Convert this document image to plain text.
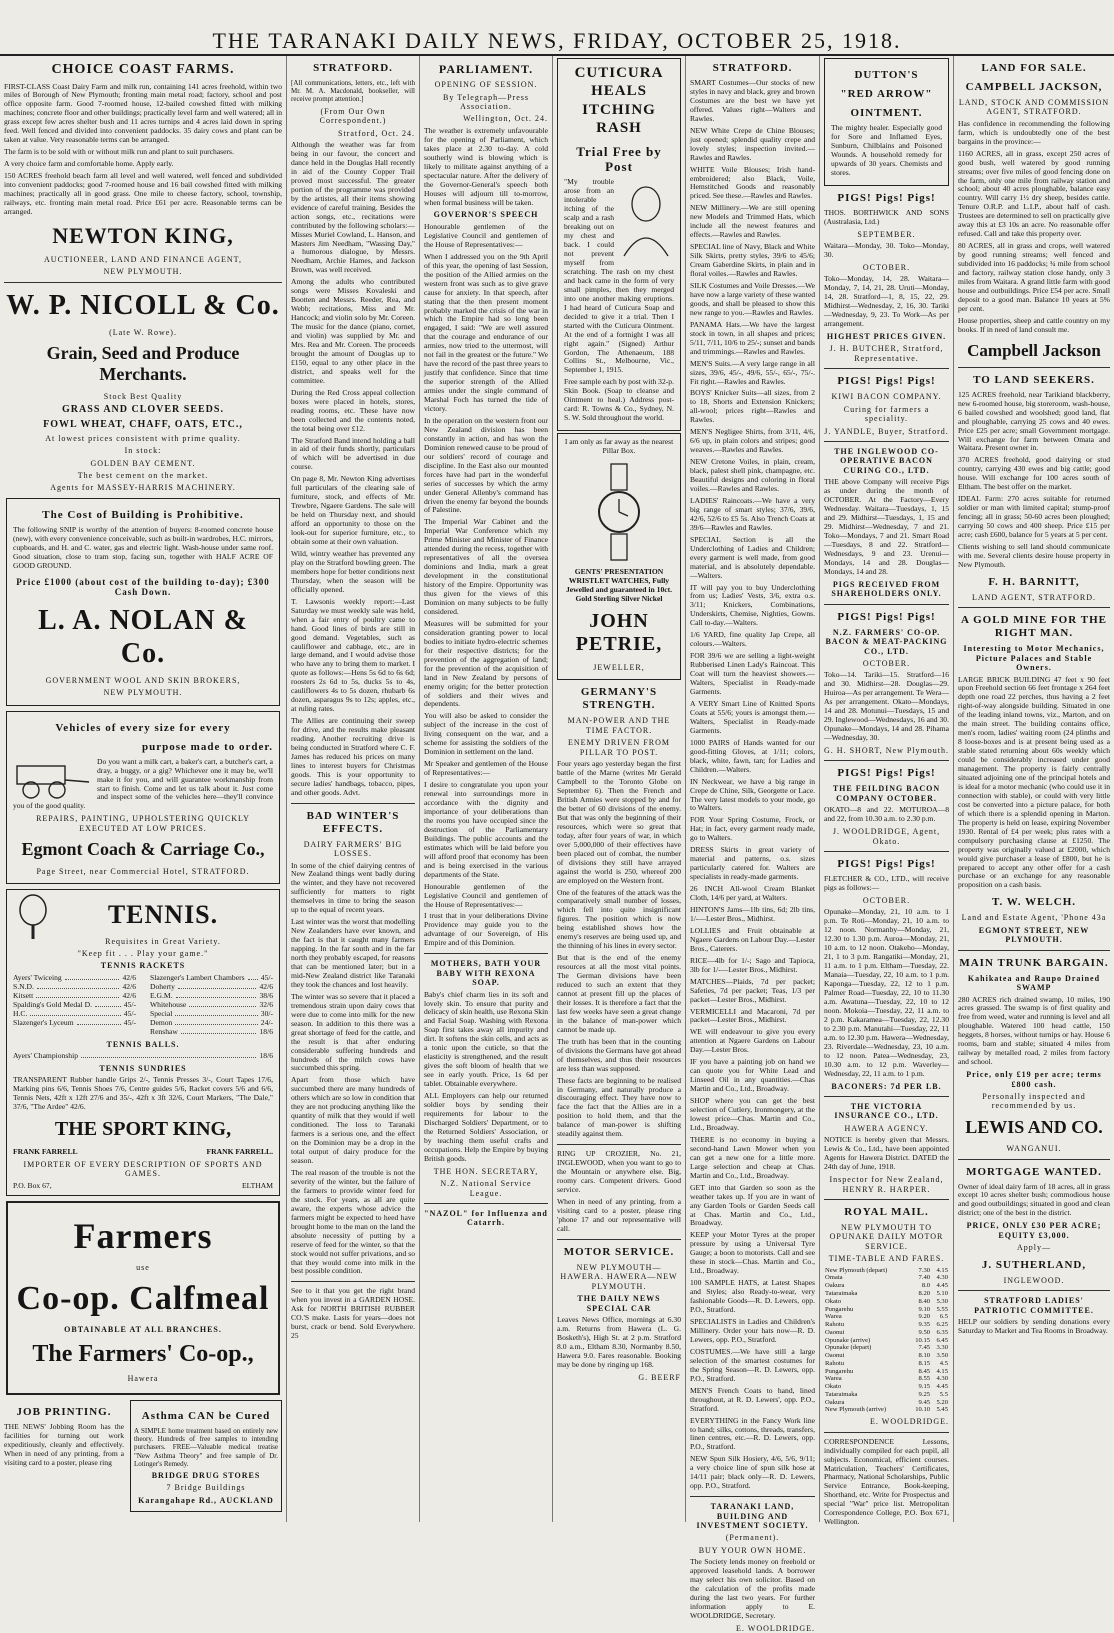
THE TARANAKI DAILY NEWS, FRIDAY, OCTOBER 25, 1918.
CHOICE COAST FARMS.

FIRST-CLASS Coast Dairy Farm and milk run, containing 141 acres freehold, within two miles of Borough of New Plymouth; fronting main metal road; factory, school and post office opposite farm. Good 7-roomed house, 12-bailed cowshed fitted with milking machines; concrete floor and other buildings; practically level farm and well watered; all in grass except few acres shelter bush and 11 acres turnips and 4 acres laid down in spring feed. Well fenced and divided into convenient paddocks. 35 dairy cows and plant can be taken at value. Very reasonable terms can be arranged.

The farm is to be sold with or without milk run and plant to suit purchasers.

A very choice farm and comfortable home. Apply early.

150 ACRES freehold beach farm all level and well watered, well fenced and subdivided into convenient paddocks; good 7-roomed house and 16 bail cowshed fitted with milking machines; practically all in good grass. One mile to cheese factory, school, township, railways, etc. fronting main metal road. Price £61 per acre. Reasonable terms can be arranged.

NEWTON KING,
AUCTIONEER, LAND AND FINANCE AGENT,
NEW PLYMOUTH.
W. P. NICOLL & Co.
(Late W. Rowe).
Grain, Seed and Produce Merchants.
Stock Best Quality
GRASS AND CLOVER SEEDS.
FOWL WHEAT, CHAFF, OATS, ETC.,
At lowest prices consistent with prime quality.
In stock:
GOLDEN BAY CEMENT.
The best cement on the market.
Agents for MASSEY-HARRIS MACHINERY.
The Cost of Building is Prohibitive.

The following SNIP is worthy of the attention of buyers: 8-roomed concrete house (new), with every convenience conceivable, such as built-in wardrobes, H.C. mirrors, cupboards, and H. and C. water, gas and electric light. Wash-house under same roof. Good situation, close to tram stop, facing sun, together with HALF ACRE OF GOOD GROUND.

Price £1000 (about cost of the building to-day); £300 Cash Down.
L. A. NOLAN & Co.
GOVERNMENT WOOL AND SKIN BROKERS,
NEW PLYMOUTH.
Vehicles of every size for every
purpose made to order.

Do you want a milk cart, a baker's cart, a butcher's cart, a dray, a buggy, or a gig? Whichever one it may be, we'll make it for you, and will guarantee workmanship from start to finish. Come and let us talk about it. Just come and inspect some of the vehicles here—they'll convince you of the good quality.

REPAIRS, PAINTING, UPHOLSTERING QUICKLY EXECUTED AT LOW PRICES.
Egmont Coach & Carriage Co.,
Page Street, near Commercial Hotel, STRATFORD.
TENNIS.
Requisites in Great Variety.
"Keep fit . . . Play your game."
TENNIS RACKETS
Ayers' Twiceing	42/6
S.N.D.	42/6
Kitsett	42/6
Spalding's Gold Medal D.	45/-
H.C.	45/-
Slazenger's Lyceum	45/-
Slazenger's Lambert Chambers 45/-
Doherty	42/6
E.G.M.	38/6
Whitehouse	32/6
Special	30/-
Demon	24/-
Renshaw	18/6
TENNIS BALLS.
Ayers' Championship	18/6
TENNIS SUNDRIES

TRANSPARENT Rubber handle Grips 2/-, Tennis Presses 3/-, Court Tapes 17/6, Marking pins 6/6, Tennis Shoes 7/6, Centre guides 5/6, Racket covers 5/6 and 6/6, Tennis Nets, 42ft x 12ft 27/6 and 35/-, 42ft x 3ft 32/6, Court Markers, "The Dale," 37/6, "The Ardee" 42/6.

THE SPORT KING,
FRANK FARRELL	FRANK FARRELL.
IMPORTER OF EVERY DESCRIPTION OF SPORTS AND GAMES.
P.O. Box 67,	ELTHAM
Farmers
use
Co-op. Calfmeal
OBTAINABLE AT ALL BRANCHES.
The Farmers' Co-op.,
Hawera
JOB PRINTING.

THE NEWS' Jobbing Room has the facilities for turning out work expeditiously, cleanly and effectively. When in need of any printing, from a visiting card to a poster, please ring

Asthma CAN be Cured

A SIMPLE home treatment based on entirely new theory. Hundreds of free samples to intending purchasers. FREE—Valuable medical treatise "New Asthma Theory" and free sample of Dr. Lotinger's Remedy.

BRIDGE DRUG STORES
7 Bridge Buildings
Karangahape Rd., AUCKLAND
STRATFORD.

[All communications, letters, etc., left with Mr. M. A. Macdonald, bookseller, will receive prompt attention.]

(From Our Own Correspondent.)
Stratford, Oct. 24.

Although the weather was far from being in our favour, the concert and dance held in the Douglas Hall recently in aid of the County Copper Trail proved most successful. The greater portion of the programme was provided by the artistes, all their items showing evidence of careful training. Besides the action songs, etc., recitations were contributed by the following scholars:—Misses Muriel Cowland, L. Hanson, and Masters Jim Needham, "Wassing Day," a humorous dialogue, by Messrs. Needham, Archie Hames, and Jackson Brown, was well received.

Among the adults who contributed songs were Misses Kovaleski and Bootten and Messrs. Reeder, Rea, and Webb; recitations, Miss and Mr. Hancock; and violin solo by Mr. Coreen. The music for the dance (piano, cornet, and violin) was supplied by Mr. and Mrs. Rea and Mr. Coreen. The proceeds brought the amount of Douglas up to £150, equal to any other place in the district, and speaks well for the committee.

During the Red Cross appeal collection boxes were placed in hotels, stores, reading rooms, etc. These have now been collected and the contents noted, the total being over £12.

The Stratford Band intend holding a ball in aid of their funds shortly, particulars of which will be advertised in due course.

On page 8, Mr. Newton King advertises full particulars of the clearing sale of furniture, stock, and effects of Mr. Trewbre, Ngaere Gardens. The sale will be held on Thursday next, and should afford an opportunity to those on the look-out for superior furniture, etc., to obtain some at their own valuation.

Wild, wintry weather has prevented any play on the Stratford bowling green. The members hope for better conditions next Thursday, when the season will be officially opened.

T. Lawsonis weekly report:—Last Saturday we must weekly sale was held, when a fair entry of poultry came to hand. Good lines of birds are still in good demand. Vegetables, such as cauliflower and cabbage, etc., are in large demand, and I would advise those who have any to bring them to market. I quote as follows:—Hens 5s 6d to 6s 6d; roosters 2s 6d to 5s, ducks 5s to 4s, cauliflowers 4s to 5s dozen, rhubarb 6s dozen, asparagus 9s to 12s; apples, etc., at ruling rates.

The Allies are continuing their sweep for drive, and the results make pleasant reading. Another recruiting drive is being conducted in Stratford where C. F. James has reduced his prices on many lines to interest buyers for Christmas goods. This is your opportunity to secure ladies' handbags, tobacco, pipes, and other goods. Advt.

BAD WINTER'S EFFECTS.
DAIRY FARMERS' BIG LOSSES.

In some of the chief dairying centres of New Zealand things went badly during the winter, and they have not recovered sufficiently for matters to right themselves in time to bring the season up to the equal of recent years.

Last winter was the worst that modelling New Zealanders have ever known, and the fact is that it caught many farmers napping. In the far south and in the far north they probably escaped, for reasons that can be mentioned later; but in a mid-New Zealand district like Taranaki they took the chances and lost heavily.

The winter was so severe that it placed a tremendous strain upon dairy cows that were due to come into milk for the new season. In addition to this there was a great shortage of feed for the cattle, and the result is that after enduring considerable suffering hundreds and hundreds of the milch cows have succumbed this spring.

Apart from those which have succumbed there are many hundreds of others which are so low in condition that they are not producing anything like the quantity of milk that they would if well conditioned. The loss to Taranaki farmers is a serious one, and the effect on the Dominion may be a drop in the total output of dairy produce for the season.

The real reason of the trouble is not the severity of the winter, but the failure of the farmers to provide winter feed for the stock. For years, as all are quite aware, the experts whose advice the farmers might be expected to heed have brought home to the man on the land the absolute necessity of putting by a reserve of feed for the winter, so that the stock would not suffer privations, and so that they would come into milk in the best possible condition.

See to it that you get the right brand when you invest in a GARDEN HOSE. Ask for NORTH BRITISH RUBBER CO.'S make. Lasts for years—does not burst, crack or bend. Sold Everywhere. 25

PARLIAMENT.
OPENING OF SESSION.
By Telegraph—Press Association.
Wellington, Oct. 24.

The weather is extremely unfavourable for the opening of Parliament, which takes place at 2.30 to-day. A cold southerly wind is blowing which is likely to militate against anything of a spectacular nature. After the delivery of the Governor-General's speech both Houses will adjourn till to-morrow, when formal business will be taken.

GOVERNOR'S SPEECH

Honourable gentlemen of the Legislative Council and gentlemen of the House of Representatives:—

When I addressed you on the 9th April of this year, the opening of last Session, the position of the Allied armies on the western front was such as to give grave cause for anxiety. In that speech, after stating that the then present moment probably marked the crisis of the war in which the Empire had so long been engaged, I said: "We are well assured that the courage and endurance of our armies, now tried to the uttermost, will not fail in the greatest or the future." We have the record of the past three years to justify that confidence. Since that time the superior strength of the Allied armies under the single command of Marshal Foch has turned the tide of victory.

In the operation on the western front our New Zealand division has been constantly in action, and has won the Dominion renewed cause to be proud of our soldiers' record of courage and discipline. In the East also our mounted forces have had part in the wonderful series of successes by which the army under General Allenby's command has driven the enemy far beyond the bounds of Palestine.

The Imperial War Cabinet and the Imperial War Conference which my Prime Minister and Minister of Finance attended during the recess, together with representatives of all the oversea dominions and India, mark a great development in the constitutional history of the Empire. Opportunity was thus given for the views of this Dominion on many subjects to be fully considered.

Measures will be submitted for your consideration granting power to local bodies to initiate hydro-electric schemes for their respective districts; for the prevention of the aggregation of land; for the prevention of the acquisition of land in New Zealand by persons of enemy origin; for the better protection of soldiers and their wives and dependents.

You will also be asked to consider the subject of the increase in the cost of living consequent on the war, and a scheme for assisting the soldiers of the Dominion in settlement on the land.

Mr Speaker and gentlemen of the House of Representatives:—

I desire to congratulate you upon your renewal into surroundings more in accordance with the dignity and importance of your deliberations than the rooms you have occupied since the destruction of the Parliamentary Buildings. The public accounts and the estimates which will be laid before you will afford proof that economy has been and is being exercised in the various departments of the State.

Honourable gentlemen of the Legislative Council and gentlemen of the House of Representatives:—

I trust that in your deliberations Divine Providence may guide you to the advantage of our Sovereign, of His Empire and of this Dominion.

MOTHERS, BATH YOUR BABY WITH REXONA SOAP.

Baby's chief charm lies in its soft and lovely skin. To ensure that purity and delicacy of skin health, use Rexona Skin and Facial Soap. Washing with Rexona Soap first takes away all impurity and dirt. It softens the skin cells, and acts as a tonic upon the cuticle, so that the elasticity is strengthened, and the result gives the soft bloom of health that we see in early youth. Price, 1s 6d per tablet. Obtainable everywhere.

ALL Employers can help our returned soldier boys by sending their requirements for labour to the Discharged Soldiers' Department, or to the Returned Soldiers' Association, or by teaching them useful crafts and occupations. Help the Empire by buying British goods.

THE HON. SECRETARY,
N.Z. National Service League.
"NAZOL" for Influenza and Catarrh.
CUTICURA HEALS
ITCHING RASH
Trial Free by Post

"My trouble arose from an intolerable itching of the scalp and a rash breaking out on my chest and back. I could not prevent myself from scratching. The rash on my chest and back came in the form of very small pimples, then they merged into one another making eruptions. I had heard of Cuticura Soap and decided to give it a trial. Then I started with the Cuticura Ointment. At the end of a fortnight I was all right again." (Signed) Arthur Gordon, The Athenaeum, 188 Collins St., Melbourne, Vic., September 1, 1915.

Free sample each by post with 32-p. Skin Book. (Soap to cleanse and Ointment to heal.) Address post-card: R. Towns & Co., Sydney, N. S. W. Sold throughout the world.

I am only as far away as the nearest Pillar Box.

GENTS' PRESENTATION WRISTLET WATCHES, Fully Jewelled and guaranteed in 10ct. Gold Sterling Silver Nickel

JOHN PETRIE,
JEWELLER,
GERMANY'S STRENGTH.
MAN-POWER AND THE TIME FACTOR.
ENEMY DRIVEN FROM PILLAR TO POST.

Four years ago yesterday began the first battle of the Marne (writes Mr Gerald Campbell to the Toronto Globe on September 6). Then the French and British Armies were stopped by and for the better of 60 divisions of the enemy. But that was only the beginning of their resources, which were so great that today, after four years of war, in which over 5,000,000 of their effectives have been placed out of combat, the number of divisions they still have arrayed against the world is 250, whereof 200 are employed on the Western front.

One of the features of the attack was the comparatively small number of losses, which fell into quite insignificant figures. The position which is now being established shows how the enemy's reserves are being used up, and the thinning of his lines in every sector.

But that is the end of the enemy resources at all the most vital points. The German divisions have been reduced to such an extent that they cannot at present fill up the places of their losses. It is therefore a fact that the last few weeks have seen a great change in the balance of man-power which cannot be made up.

The truth has been that in the counting of divisions the Germans have got ahead of themselves, and thus their resources are less than was supposed.

These facts are beginning to be realised in Germany, and naturally produce a discouraging effect. They have now to face the fact that the Allies are in a position to hold them, and that the balance of man-power is shifting steadily against them.

RING UP CROZIER, No. 21, INGLEWOOD, when you want to go to the Mountain or anywhere else. Big, roomy cars. Competent drivers. Good service.

When in need of any printing, from a visiting card to a poster, please ring 'phone 17 and our representative will call.

MOTOR SERVICE.
NEW PLYMOUTH—HAWERA. HAWERA—NEW PLYMOUTH.
THE DAILY NEWS SPECIAL CAR

Leaves News Office, mornings at 6.30 a.m. Returns from Hawera (L. G. Bosketh's), High St. at 2 p.m. Stratford 8.0 a.m., Eltham 8.30, Normanby 8.50, Hawera 9.0. Fares reasonable. Booking may be done by ringing up 168.

G. BEERF
STRATFORD.

SMART Costumes—Our stocks of new styles in navy and black, grey and brown Costumes are the best we have yet offered. Values right—Walters and Rawles.

NEW White Crepe de Chine Blouses; just opened; splendid quality crepe and lovely styles; inspection invited.—Rawles and Rawles.

WHITE Voile Blouses; Irish hand-embroidered; also Black, Voile, Hemstitched Goods and reasonably priced. See these.—Rawles and Rawles.

NEW Millinery.—We are still opening new Models and Trimmed Hats, which include all the newest features and effects.—Rawles and Rawles.

SPECIAL line of Navy, Black and White Silk Skirts, pretty styles, 39/6 to 45/6; Cream Gaberdine Skirts, in plain and in floral voiles.—Rawles and Rawles.

SILK Costumes and Voile Dresses.—We have now a large variety of these wanted goods, and shall be pleased to show this new range to you.—Rawles and Rawles.

PANAMA Hats.—We have the largest stock in town, in all shapes and prices; 5/11, 7/11, 10/6 to 25/-; sunset and bands and trimmings.—Rawles and Rawles.

MEN'S Suits.—A very large range in all sizes, 39/6, 45/-, 49/6, 55/-, 65/-, 75/-. Fit right.—Rawles and Rawles.

BOYS' Knicker Suits—all sizes, from 2 to 18, Shorts and Extension Knickers; all-wool; prices right—Rawles and Rawles.

MEN'S Negligee Shirts, from 3/11, 4/6, 6/6 up, in plain colors and stripes; good weaves.—Rawles and Rawles.

NEW Cretone Voiles, in plain, cream, black, palest shell pink, champagne, etc. Beautiful designs and coloring in floral voiles.—Rawles and Rawles.

LADIES' Raincoats.—We have a very big range of smart styles; 37/6, 39/6, 42/6, 52/6 to £5 5s. Also Trench Coats at 39/6—Rawles and Rawles.

SPECIAL Section is all the Underclothing of Ladies and Children; every garment is well made, from good material, and is absolutely dependable.—Walters.

IT will pay you to buy Underclothing from us; Ladies' Vests, 3/6, extra o.s. 3/11; Knickers, Combinations, Underskirts, Chemise, Nighties, Gowns. Call to-day.—Walters.

1/6 YARD, fine quality Jap Crepe, all colours.—Walters.

FOR 39/6 we are selling a light-weight Rubberised Linen Lady's Raincoat. This Coat will turn the heaviest showers.—Walters, Specialist in Ready-made Garments.

A VERY Smart Line of Knitted Sports Coats at 55/6; yours is amongst them.—Walters, Specialist in Ready-made Garments.

1000 PAIRS of Hands wanted for our good-fitting Gloves, at 1/11; colors, black, white, fawn, tan; for Ladies and Children.—Walters.

IN Neckwear, we have a big range in Crepe de Chine, Silk, Georgette or Lace. The very latest models to your mode, go to Walters.

FOR Your Spring Costume, Frock, or Hat; in fact, every garment ready made, go to Walters.

DRESS Skirts in great variety of material and patterns, o.s. sizes particularly catered for. Walters are specialists in ready-made garments.

26 INCH All-wool Cream Blanket Cloth, 14/6 per yard, at Walters.

HINTON'S Jams—1lb tins, 6d; 2lb tins, 1/-—Lester Bros., Midhirst.

LOLLIES and Fruit obtainable at Ngaere Gardens on Labour Day.—Lester Bros., Caterers.

RICE—4lb for 1/-; Sago and Tapioca, 3lb for 1/-—Lester Bros., Midhirst.

MATCHES—Plaids, 7d per packet; Safeties, 7d per packet; Teas, 1/3 per packet—Lester Bros., Midhirst.

VERMICELLI and Macaroni, 7d per packet—Lester Bros., Midhirst.

WE will endeavour to give you every attention at Ngaere Gardens on Labour Day.—Lester Bros.

IF you have a painting job on hand we can quote you for White Lead and Linseed Oil in any quantities.—Chas Martin and Co., Ltd., Broadway.

SHOP where you can get the best selection of Cutlery, Ironmongery, at the lowest price—Chas. Martin and Co., Ltd., Broadway.

THERE is no economy in buying a second-hand Lawn Mower when you can get a new one for a little more. Large selection and cheap at Chas. Martin and Co., Ltd., Broadway.

GET into that Garden so soon as the weather takes up. If you are in want of any Garden Tools or Garden Seeds call at Chas. Martin and Co., Ltd., Broadway.

KEEP your Motor Tyres at the proper pressure by using a Universal Tyre Gauge; a boon to motorists. Call and see these in stock—Chas. Martin and Co., Ltd., Broadway.

100 SAMPLE HATS, at Latest Shapes and Styles; also Ready-to-wear, very fashionable Goods—R. D. Lewers, opp. P.O., Stratford.

SPECIALISTS in Ladies and Children's Millinery. Order your hats now—R. D. Lewers, opp. P.O., Stratford.

COSTUMES.—We have still a large selection of the smartest costumes for the Spring Season—R. D. Lewers, opp. P.O., Stratford.

MEN'S French Coats to hand, lined throughout, at R. D. Lewers', opp. P.O., Stratford.

EVERYTHING in the Fancy Work line to hand; silks, cottons, threads, transfers, linen centres, etc.—R. D. Lewers, opp. P.O., Stratford.

NEW Spun Silk Hosiery, 4/6, 5/6, 9/11; a very choice line of spun silk hose at 14/11 pair; black only—R. D. Lewers, opp. P.O., Stratford.

TARANAKI LAND, BUILDING AND INVESTMENT SOCIETY.
(Permanent).
BUY YOUR OWN HOME.

The Society lends money on freehold or approved leasehold lands. A borrower may select his own solicitor. Based on the calculation of the profits made during the last two years. For further information apply to E. WOOLDRIDGE, Secretary.

E. WOOLDRIDGE.
DUTTON'S
"RED ARROW"
OINTMENT.

The mighty healer. Especially good for Sore and Inflamed Eyes, Sunburn, Chilblains and Poisoned Wounds. A household remedy for upwards of 30 years. Chemists and stores.

PIGS! Pigs! Pigs!

THOS. BORTHWICK AND SONS (Australasia, Ltd.)

SEPTEMBER.

Waitara—Monday, 30. Toko—Monday, 30.

OCTOBER.

Toko—Monday, 14, 28. Waitara—Monday, 7, 14, 21, 28. Uruti—Monday, 14, 28. Stratford—1, 8, 15, 22, 29. Midhirst—Wednesday, 2, 16, 30. Tariki—Wednesday, 9, 23. To Work—As per arrangement.

HIGHEST PRICES GIVEN.
J. H. BUTCHER, Stratford, Representative.
PIGS! Pigs! Pigs!
KIWI BACON COMPANY.
Curing for farmers a speciality.
J. YANDLE, Buyer, Stratford.
THE INGLEWOOD CO-OPERATIVE BACON CURING CO., LTD.

THE above Company will receive Pigs as under during the month of OCTOBER. At the Factory—Every Wednesday. Waitara—Tuesdays, 1, 15 and 29. Midhirst—Tuesdays, 1, 15 and 29. Midhirst—Wednesday, 7 and 21. Toko—Mondays, 7 and 21. Smart Road—Tuesdays, 8 and 22. Stratford—Wednesdays, 9 and 23. Urenui—Mondays, 14 and 28. Douglas—Mondays, 14 and 28.

PIGS RECEIVED FROM SHAREHOLDERS ONLY.
PIGS! Pigs! Pigs!
N.Z. FARMERS' CO-OP. BACON & MEAT-PACKING CO., LTD.
OCTOBER.

Toko—14. Tariki—15. Stratford—16 and 30. Midhirst—28. Douglas—29. Huiroa—As per arrangement. Te Wera—As per arrangement. Okato—Mondays, 14 and 28. Motunui—Tuesdays, 15 and 29. Inglewood—Wednesdays, 16 and 30. Opunake—Mondays, 14 and 28. Pihama—Wednesday, 30.

G. H. SHORT, New Plymouth.
PIGS! Pigs! Pigs!
THE FEILDING BACON COMPANY OCTOBER.

OKATO—8 and 22. MOTUROA—8 and 22, from 10.30 a.m. to 2.30 p.m.

J. WOOLDRIDGE, Agent, Okato.
PIGS! Pigs! Pigs!

FLETCHER & CO., LTD., will receive pigs as follows:—

OCTOBER.

Opunake—Monday, 21, 10 a.m. to 1 p.m. Te Roti—Monday, 21, 10 a.m. to 12 noon. Normanby—Monday, 21, 12.30 to 1.30 p.m. Auroa—Monday, 21, 10 a.m. to 12 noon. Otakeho—Monday, 21, 1 to 3 p.m. Rangatiki—Monday, 21, 11 a.m. to 1 p.m. Eltham—Tuesday, 22. Manaia—Tuesday, 22, 10 a.m. to 1 p.m. Kaponga—Tuesday, 22, 12 to 1 p.m. Palmer Road—Tuesday, 22, 10 to 11.30 a.m. Awatuna—Tuesday, 22, 10 to 12 noon. Mokoia—Tuesday, 22, 11 a.m. to 2 p.m. Kakaramea—Tuesday, 22, 12.30 to 2.30 p.m. Manutahi—Tuesday, 22, 11 a.m. to 12.30 p.m. Hawera—Wednesday, 23. Riverdale—Wednesday, 23, 10 a.m. to 12 noon. Patea—Wednesday, 23, 10.30 a.m. to 12 p.m. Waverley—Wednesday, 22, 11 a.m. to 1 p.m.

BACONERS: 7d PER LB.
THE VICTORIA INSURANCE CO., LTD.
HAWERA AGENCY.

NOTICE is hereby given that Messrs. Lewis & Co., Ltd., have been appointed Agents for Hawera District. DATED the 24th day of June, 1918.

Inspector for New Zealand, HENRY R. HARPER.
ROYAL MAIL.
NEW PLYMOUTH TO OPUNAKE DAILY MOTOR SERVICE.
TIME-TABLE AND FARES.
New Plymouth (depart)	7.30	4.15
Omata	7.40	4.30
Oakura	8.0	4.45
Tataraimaka	8.20	5.10
Okato	8.40	5.30
Pungarehu	9.10	5.55
Warea	9.20	6.5
Rahotu	9.35	6.25
Oaonui	9.50	6.35
Opunake (arrive)	10.15	6.45
Opunake (depart)	7.45	3.30
Oaonui	8.10	3.50
Rahotu	8.15	4.5
Pungarehu	8.45	4.15
Warea	8.55	4.30
Okato	9.15	4.45
Tataraimaka	9.25	5.5
Oakura	9.45	5.20
New Plymouth (arrive)	10.10	5.45
E. WOOLDRIDGE.

CORRESPONDENCE Lessons, individually compiled for each pupil, all subjects. Economical, efficient courses. Matriculation, Teachers' Certificates, Pharmacy, National Scholarships, Public Service Entrance, Book-keeping, Shorthand, etc. Write for Prospectus and special "War" price list. Metropolitan Correspondence College, P.O. Box 671, Wellington.

LAND FOR SALE.
CAMPBELL JACKSON,
LAND, STOCK AND COMMISSION AGENT, STRATFORD.

Has confidence in recommending the following farm, which is undoubtedly one of the best bargains in the province:—

1160 ACRES, all in grass, except 250 acres of good bush, well watered by good running streams; over five miles of good fencing done on the farm, only one mile from railway station and school; about 40 acres ploughable, balance easy country. Will carry 1½ dry sheep, besides cattle. Tenure O.R.P. and L.I.P., about half of cash. Trustees are determined to sell on practically give away this at £3 10s an acre. No reasonable offer refused. Call and take this property over.

80 ACRES, all in grass and crops, well watered by good running streams; well fenced and subdivided into 16 paddocks; ¾ mile from school and factory, railway station close handy, only 3 miles from Waitara. A grand little farm with good house and outbuildings. Price £54 per acre. Small deposit to a good man. Balance 10 years at 5% per cent.

House properties, sheep and cattle country on my books. If in need of land consult me.

Campbell Jackson
TO LAND SEEKERS.

125 ACRES freehold, near Tarikiand blackberry, new 6-roomed house, big storeroom, wash-house, 6 bailed cowshed and woolshed; good land, flat and ploughable, carrying 25 cows and 40 ewes. Price £25 per acre; small Government mortgage. Will exchange for farm between Omata and Waitara. Present owner in.

370 ACRES freehold, good dairying or stud country, carrying 430 ewes and big cattle; good house. Will exchange for 100 acres south of Eltham. The best offer on the market.

IDEAL Farm: 270 acres suitable for returned soldier or man with limited capital; stump-proof fencing; all in grass; 50-60 acres been ploughed; carrying 50 cows and 400 sheep. Price £15 per acre; cash £600, balance for 5 years at 5 per cent.

Clients wishing to sell land should communicate with me. Several clients desire house property in New Plymouth.

F. H. BARNITT,
LAND AGENT, STRATFORD.
A GOLD MINE FOR THE RIGHT MAN.
Interesting to Motor Mechanics, Picture Palaces and Stable Owners.

LARGE BRICK BUILDING 47 feet x 90 feet upon Freehold section 66 feet frontage x 264 feet depth one road 22 perches, thus having a 2 feet right-of-way alongside building. Situated in one of the leading inland towns, viz., Marton, and on the main street. The building contains office, men's room, ladies' waiting room (24 plinths and 8 loose-boxes and is at present being used as a stable stated returning about 60s weekly which could be considerably increased under good management. The property is fairly centrally situated adjoining one of the principal hotels and is ideal for a motor mechanic (who could use it in connection with stable), or could with very little cost be converted into a picture palace, for both of which there is a splendid opening in Marton. The property is held on lease, expiring November 1930. Rental of £4 per week; plus rates with a compulsory purchasing clause at £1250. The property was originally valued at £2000, which would give purchaser a lease of £800, but he is prepared to accept any other offer for a cash purchase or an exchange for any reasonable proposition on a cash basis.

T. W. WELCH.
Land and Estate Agent, 'Phone 43a
EGMONT STREET, NEW PLYMOUTH.
MAIN TRUNK BARGAIN.
Kahikatea and Raupo Drained SWAMP

280 ACRES rich drained swamp, 10 miles, 190 acres grassed. The swamp is of first quality and free from weed, water and running is level and all ploughable. Watered 100 head cattle, 150 heggets, 8 horses, without turnips or hay. House 6 rooms, barn and stable; situated 4 miles from railway by metalled road, 2 miles from factory and school.

Price, only £19 per acre; terms £800 cash.
Personally inspected and recommended by us.
LEWIS AND CO.
WANGANUI.
MORTGAGE WANTED.

Owner of ideal dairy farm of 18 acres, all in grass except 10 acres shelter bush; commodious house and good outbuildings; situated in good and clean district; one of the best in the district.

PRICE, ONLY £30 PER ACRE; EQUITY £3,000.
Apply—
J. SUTHERLAND,
INGLEWOOD.
STRATFORD LADIES' PATRIOTIC COMMITTEE.

HELP our soldiers by sending donations every Saturday to Market and Tea Rooms in Broadway.
